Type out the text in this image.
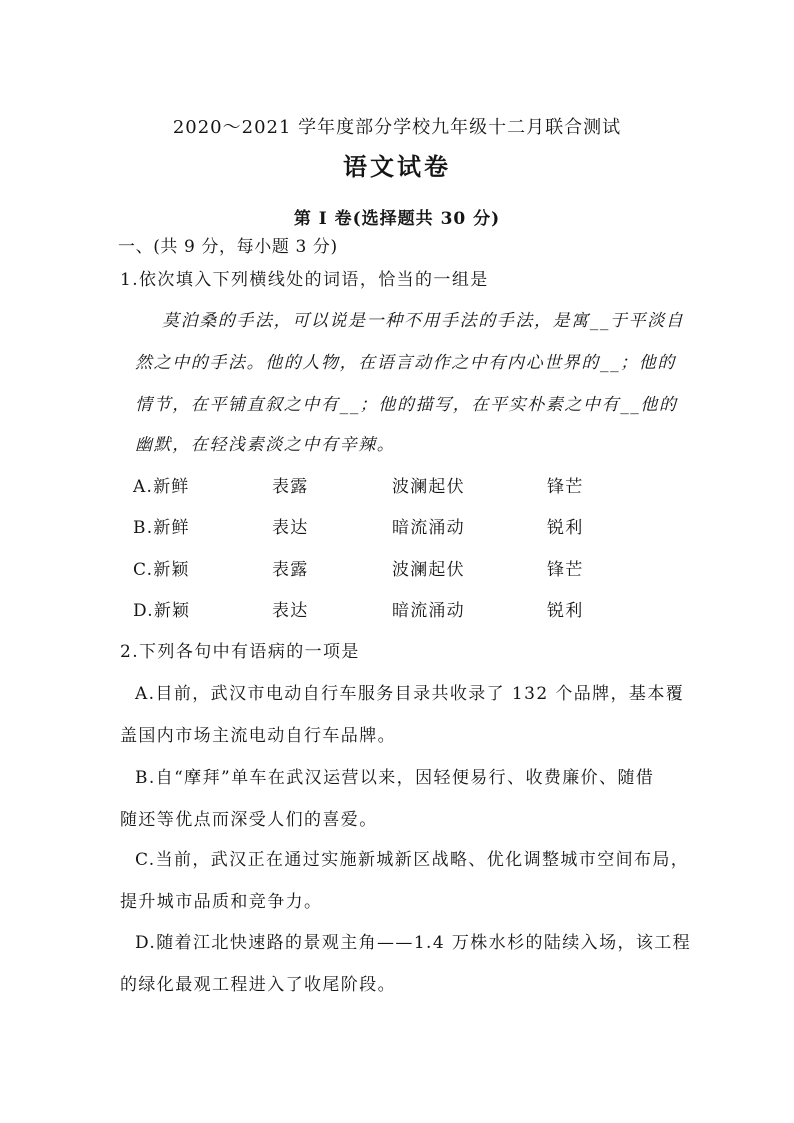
2020～2021 学年度部分学校九年级十二月联合测试
语文试卷
第 I 卷(选择题共 30 分)
一、(共 9 分，每小题 3 分)
1.依次填入下列横线处的词语，恰当的一组是
莫泊桑的手法，可以说是一种不用手法的手法，是寓__于平淡自
然之中的手法。他的人物，在语言动作之中有内心世界的__；他的
情节，在平铺直叙之中有__；他的描写，在平实朴素之中有__他的
幽默，在轻浅素淡之中有辛辣。
A.新鲜	表露	波澜起伏	锋芒
B.新鲜	表达	暗流涌动	锐利
C.新颖	表露	波澜起伏	锋芒
D.新颖	表达	暗流涌动	锐利
2.下列各句中有语病的一项是
A.目前，武汉市电动自行车服务目录共收录了 132 个品牌，基本覆
盖国内市场主流电动自行车品牌。
B.自“摩拜”单车在武汉运营以来，因轻便易行、收费廉价、随借
随还等优点而深受人们的喜爱。
C.当前，武汉正在通过实施新城新区战略、优化调整城市空间布局，
提升城市品质和竞争力。
D.随着江北快速路的景观主角——1.4 万株水杉的陆续入场，该工程
的绿化最观工程进入了收尾阶段。
